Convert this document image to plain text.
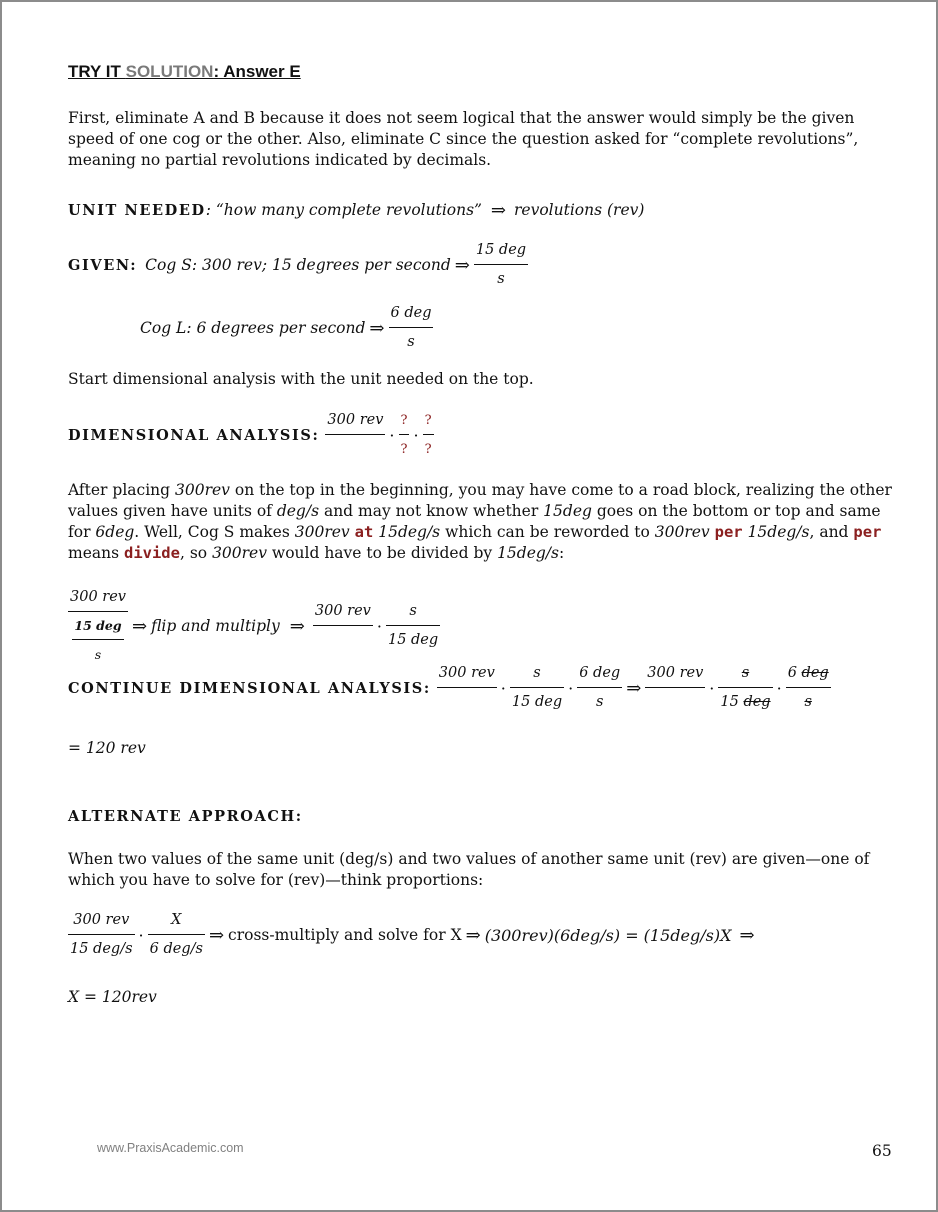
TRY IT SOLUTION: Answer E
First, eliminate A and B because it does not seem logical that the answer would simply be the given speed of one cog or the other. Also, eliminate C since the question asked for “complete revolutions”, meaning no partial revolutions indicated by decimals.
UNIT NEEDED : “how many complete revolutions” ⇒ revolutions (rev)
GIVEN: Cog S: 300 rev; 15 degrees per second ⇒ $\frac{\text{15 deg}}{s}$
Cog L: 6 degrees per second ⇒ $\frac{\text{6 deg}}{s}$
Start dimensional analysis with the unit needed on the top.
DIMENSIONAL ANALYSIS:
300 rev

· $\frac{?}{?} \cdot \frac{?}{?}$
After placing 300rev on the top in the beginning, you may have come to a road block, realizing the other values given have units of deg/s and may not know whether 15deg goes on the bottom or top and same for 6deg. Well, Cog S makes 300rev at 15deg/s which can be reworded to 300rev per 15deg/s, and per means divide, so 300rev would have to be divided by 15deg/s:
$\frac{\text{300 rev}}{\frac{\text{15 deg}}{s}}$ ⇒ flip and multiply ⇒
300 rev

· $\frac{s}{\text{15 deg}}$
CONTINUE DIMENSIONAL ANALYSIS:
300 rev

· $\frac{s}{\text{15 deg}} \cdot \frac{\text{6 deg}}{s}$ ⇒
300 rev

· $\frac{s}{\text{15 deg}} \cdot \frac{\text{6 deg}}{s}$
= 120 rev
ALTERNATE APPROACH:
When two values of the same unit (deg/s) and two values of another same unit (rev) are given—one of which you have to solve for (rev)—think proportions:
$\frac{\text{300 rev}}{\text{15 deg/s}} \cdot \frac{X}{\text{6 deg/s}}$ ⇒ cross-multiply and solve for X ⇒ (300rev)(6deg/s) = (15deg/s)X ⇒
X = 120rev
www.PraxisAcademic.com	65
